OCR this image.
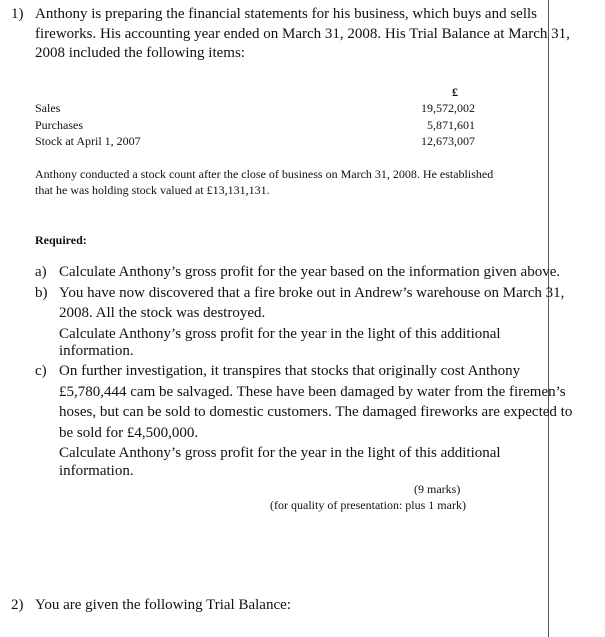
1) Anthony is preparing the financial statements for his business, which buys and sells
fireworks. His accounting year ended on March 31, 2008. His Trial Balance at March 31,
2008 included the following items:
£
Sales	19,572,002
Purchases	5,871,601
Stock at April 1, 2007	12,673,007
Anthony conducted a stock count after the close of business on March 31, 2008. He established
that he was holding stock valued at £13,131,131.
Required:
a) Calculate Anthony’s gross profit for the year based on the information given above.
b) You have now discovered that a fire broke out in Andrew’s warehouse on March 31,
2008. All the stock was destroyed.
Calculate Anthony’s gross profit for the year in the light of this additional
information.
c) On further investigation, it transpires that stocks that originally cost Anthony
£5,780,444 cam be salvaged. These have been damaged by water from the firemen’s
hoses, but can be sold to domestic customers. The damaged fireworks are expected to
be sold for £4,500,000.
Calculate Anthony’s gross profit for the year in the light of this additional
information.
(9 marks)
(for quality of presentation: plus 1 mark)
2) You are given the following Trial Balance:
